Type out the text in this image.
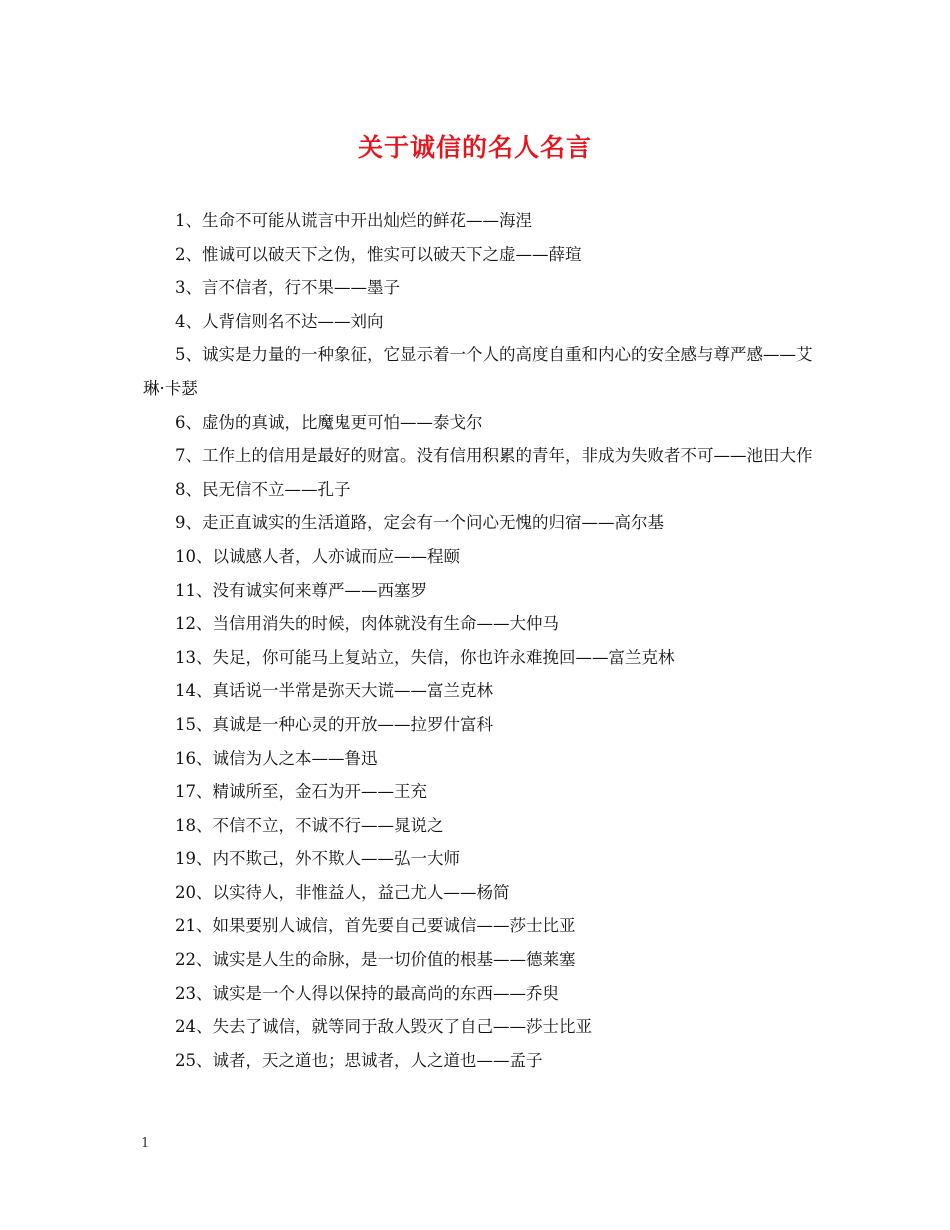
关于诚信的名人名言
1、生命不可能从谎言中开出灿烂的鲜花——海涅
2、惟诚可以破天下之伪，惟实可以破天下之虚——薛瑄
3、言不信者，行不果——墨子
4、人背信则名不达——刘向
5、诚实是力量的一种象征，它显示着一个人的高度自重和内心的安全感与尊严感——艾琳·卡瑟
6、虚伪的真诚，比魔鬼更可怕——泰戈尔
7、工作上的信用是最好的财富。没有信用积累的青年，非成为失败者不可——池田大作
8、民无信不立——孔子
9、走正直诚实的生活道路，定会有一个问心无愧的归宿——高尔基
10、以诚感人者，人亦诚而应——程颐
11、没有诚实何来尊严——西塞罗
12、当信用消失的时候，肉体就没有生命——大仲马
13、失足，你可能马上复站立，失信，你也许永难挽回——富兰克林
14、真话说一半常是弥天大谎——富兰克林
15、真诚是一种心灵的开放——拉罗什富科
16、诚信为人之本——鲁迅
17、精诚所至，金石为开——王充
18、不信不立，不诚不行——晁说之
19、内不欺己，外不欺人——弘一大师
20、以实待人，非惟益人，益己尤人——杨简
21、如果要别人诚信，首先要自己要诚信——莎士比亚
22、诚实是人生的命脉，是一切价值的根基——德莱塞
23、诚实是一个人得以保持的最高尚的东西——乔臾
24、失去了诚信，就等同于敌人毁灭了自己——莎士比亚
25、诚者，天之道也；思诚者，人之道也——孟子
1
